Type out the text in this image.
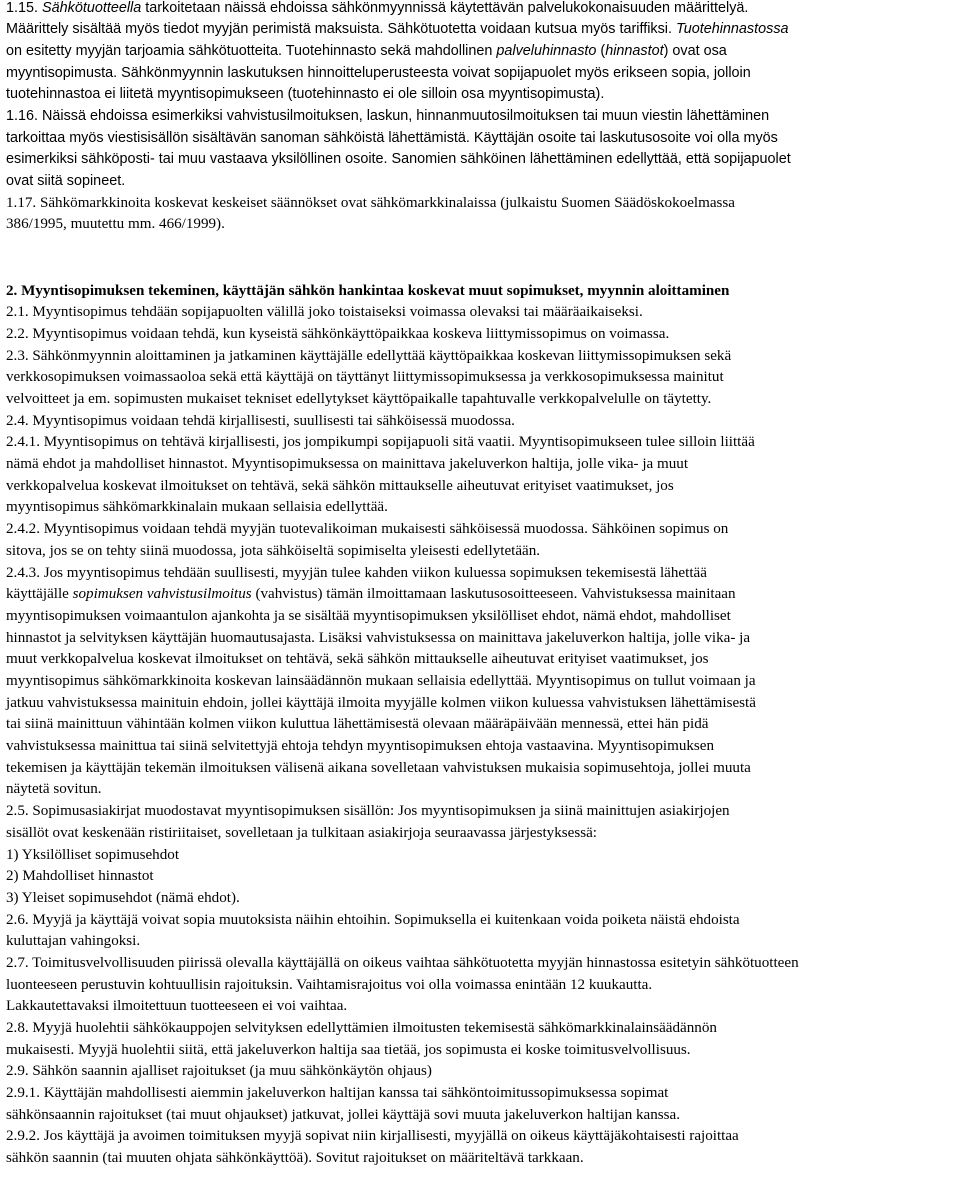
1.15. Sähkötuotteella tarkoitetaan näissä ehdoissa sähkönmyynnissä käytettävän palvelukokonaisuuden määrittelyä.
Määrittely sisältää myös tiedot myyjän perimistä maksuista. Sähkötuotetta voidaan kutsua myös tariffiksi. Tuotehinnastossa
on esitetty myyjän tarjoamia sähkötuotteita. Tuotehinnasto sekä mahdollinen palveluhinnasto (hinnastot) ovat osa
myyntisopimusta. Sähkönmyynnin laskutuksen hinnoitteluperusteesta voivat sopijapuolet myös erikseen sopia, jolloin
tuotehinnastoa ei liitetä myyntisopimukseen (tuotehinnasto ei ole silloin osa myyntisopimusta).
1.16. Näissä ehdoissa esimerkiksi vahvistusilmoituksen, laskun, hinnanmuutosilmoituksen tai muun viestin lähettäminen
tarkoittaa myös viestisisällön sisältävän sanoman sähköistä lähettämistä. Käyttäjän osoite tai laskutusosoite voi olla myös
esimerkiksi sähköposti- tai muu vastaava yksilöllinen osoite. Sanomien sähköinen lähettäminen edellyttää, että sopijapuolet
ovat siitä sopineet.
1.17. Sähkömarkkinoita koskevat keskeiset säännökset ovat sähkömarkkinalaissa (julkaistu Suomen Säädöskokoelmassa
386/1995, muutettu mm. 466/1999).
2. Myyntisopimuksen tekeminen, käyttäjän sähkön hankintaa koskevat muut sopimukset, myynnin aloittaminen
2.1. Myyntisopimus tehdään sopijapuolten välillä joko toistaiseksi voimassa olevaksi tai määräaikaiseksi.
2.2. Myyntisopimus voidaan tehdä, kun kyseistä sähkönkäyttöpaikkaa koskeva liittymissopimus on voimassa.
2.3. Sähkönmyynnin aloittaminen ja jatkaminen käyttäjälle edellyttää käyttöpaikkaa koskevan liittymissopimuksen sekä
verkkosopimuksen voimassaoloa sekä että käyttäjä on täyttänyt liittymissopimuksessa ja verkkosopimuksessa mainitut
velvoitteet ja em. sopimusten mukaiset tekniset edellytykset käyttöpaikalle tapahtuvalle verkkopalvelulle on täytetty.
2.4. Myyntisopimus voidaan tehdä kirjallisesti, suullisesti tai sähköisessä muodossa.
2.4.1. Myyntisopimus on tehtävä kirjallisesti, jos jompikumpi sopijapuoli sitä vaatii. Myyntisopimukseen tulee silloin liittää
nämä ehdot ja mahdolliset hinnastot. Myyntisopimuksessa on mainittava jakeluverkon haltija, jolle vika- ja muut
verkkopalvelua koskevat ilmoitukset on tehtävä, sekä sähkön mittaukselle aiheutuvat erityiset vaatimukset, jos
myyntisopimus sähkömarkkinalain mukaan sellaisia edellyttää.
2.4.2. Myyntisopimus voidaan tehdä myyjän tuotevalikoiman mukaisesti sähköisessä muodossa. Sähköinen sopimus on
sitova, jos se on tehty siinä muodossa, jota sähköiseltä sopimiselta yleisesti edellytetään.
2.4.3. Jos myyntisopimus tehdään suullisesti, myyjän tulee kahden viikon kuluessa sopimuksen tekemisestä lähettää
käyttäjälle sopimuksen vahvistusilmoitus (vahvistus) tämän ilmoittamaan laskutusosoitteeseen. Vahvistuksessa mainitaan
myyntisopimuksen voimaantulon ajankohta ja se sisältää myyntisopimuksen yksilölliset ehdot, nämä ehdot, mahdolliset
hinnastot ja selvityksen käyttäjän huomautusajasta. Lisäksi vahvistuksessa on mainittava jakeluverkon haltija, jolle vika- ja
muut verkkopalvelua koskevat ilmoitukset on tehtävä, sekä sähkön mittaukselle aiheutuvat erityiset vaatimukset, jos
myyntisopimus sähkömarkkinoita koskevan lainsäädännön mukaan sellaisia edellyttää. Myyntisopimus on tullut voimaan ja
jatkuu vahvistuksessa mainituin ehdoin, jollei käyttäjä ilmoita myyjälle kolmen viikon kuluessa vahvistuksen lähettämisestä
tai siinä mainittuun vähintään kolmen viikon kuluttua lähettämisestä olevaan määräpäivään mennessä, ettei hän pidä
vahvistuksessa mainittua tai siinä selvitettyjä ehtoja tehdyn myyntisopimuksen ehtoja vastaavina. Myyntisopimuksen
tekemisen ja käyttäjän tekemän ilmoituksen välisenä aikana sovelletaan vahvistuksen mukaisia sopimusehtoja, jollei muuta
näytetä sovitun.
2.5. Sopimusasiakirjat muodostavat myyntisopimuksen sisällön: Jos myyntisopimuksen ja siinä mainittujen asiakirjojen
sisällöt ovat keskenään ristiriitaiset, sovelletaan ja tulkitaan asiakirjoja seuraavassa järjestyksessä:
1) Yksilölliset sopimusehdot
2) Mahdolliset hinnastot
3) Yleiset sopimusehdot (nämä ehdot).
2.6. Myyjä ja käyttäjä voivat sopia muutoksista näihin ehtoihin. Sopimuksella ei kuitenkaan voida poiketa näistä ehdoista
kuluttajan vahingoksi.
2.7. Toimitusvelvollisuuden piirissä olevalla käyttäjällä on oikeus vaihtaa sähkötuotetta myyjän hinnastossa esitetyin sähkötuotteen
luonteeseen perustuvin kohtuullisin rajoituksin. Vaihtamisrajoitus voi olla voimassa enintään 12 kuukautta.
Lakkautettavaksi ilmoitettuun tuotteeseen ei voi vaihtaa.
2.8. Myyjä huolehtii sähkökauppojen selvityksen edellyttämien ilmoitusten tekemisestä sähkömarkkinalainsäädännön
mukaisesti. Myyjä huolehtii siitä, että jakeluverkon haltija saa tietää, jos sopimusta ei koske toimitusvelvollisuus.
2.9. Sähkön saannin ajalliset rajoitukset (ja muu sähkönkäytön ohjaus)
2.9.1. Käyttäjän mahdollisesti aiemmin jakeluverkon haltijan kanssa tai sähköntoimitussopimuksessa sopimat
sähkönsaannin rajoitukset (tai muut ohjaukset) jatkuvat, jollei käyttäjä sovi muuta jakeluverkon haltijan kanssa.
2.9.2. Jos käyttäjä ja avoimen toimituksen myyjä sopivat niin kirjallisesti, myyjällä on oikeus käyttäjäkohtaisesti rajoittaa
sähkön saannin (tai muuten ohjata sähkönkäyttöä). Sovitut rajoitukset on määriteltävä tarkkaan.
